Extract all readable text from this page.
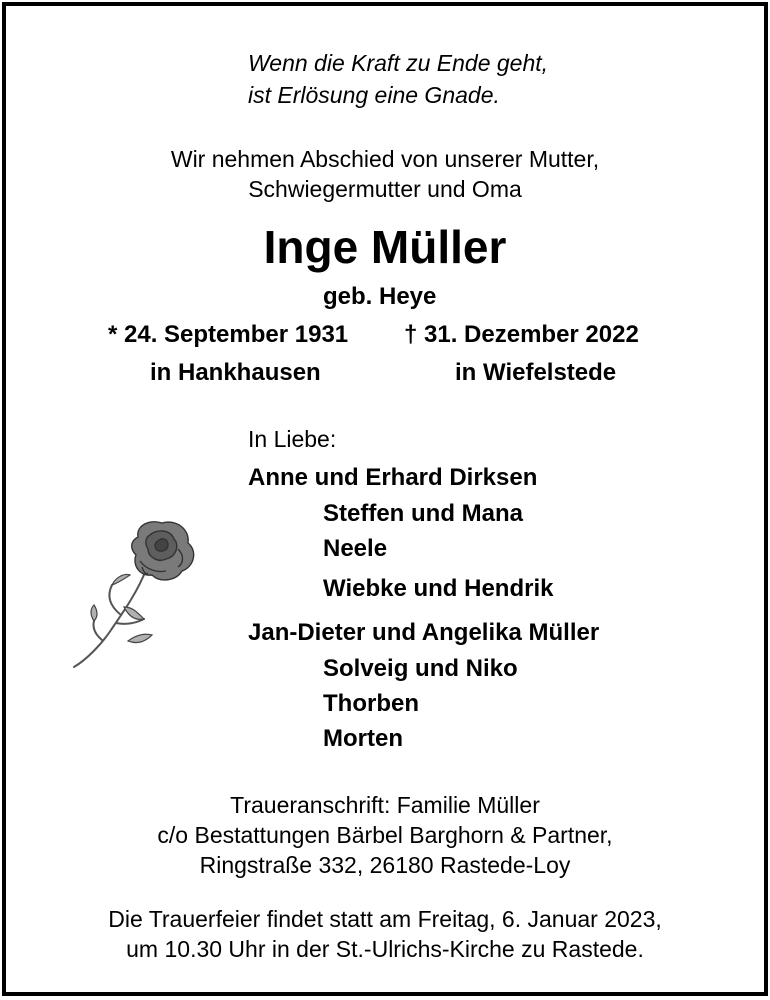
Wenn die Kraft zu Ende geht,
ist Erlösung eine Gnade.
Wir nehmen Abschied von unserer Mutter,
Schwiegermutter und Oma
Inge Müller
geb. Heye
* 24. September 1931 † 31. Dezember 2022
in Hankhausen	in Wiefelstede
In Liebe:
Anne und Erhard Dirksen
Steffen und Mana
Neele
Wiebke und Hendrik
Jan-Dieter und Angelika Müller
Solveig und Niko
Thorben
Morten
Traueranschrift: Familie Müller
c/o Bestattungen Bärbel Barghorn & Partner,
Ringstraße 332, 26180 Rastede-Loy
Die Trauerfeier findet statt am Freitag, 6. Januar 2023,
um 10.30 Uhr in der St.-Ulrichs-Kirche zu Rastede.
